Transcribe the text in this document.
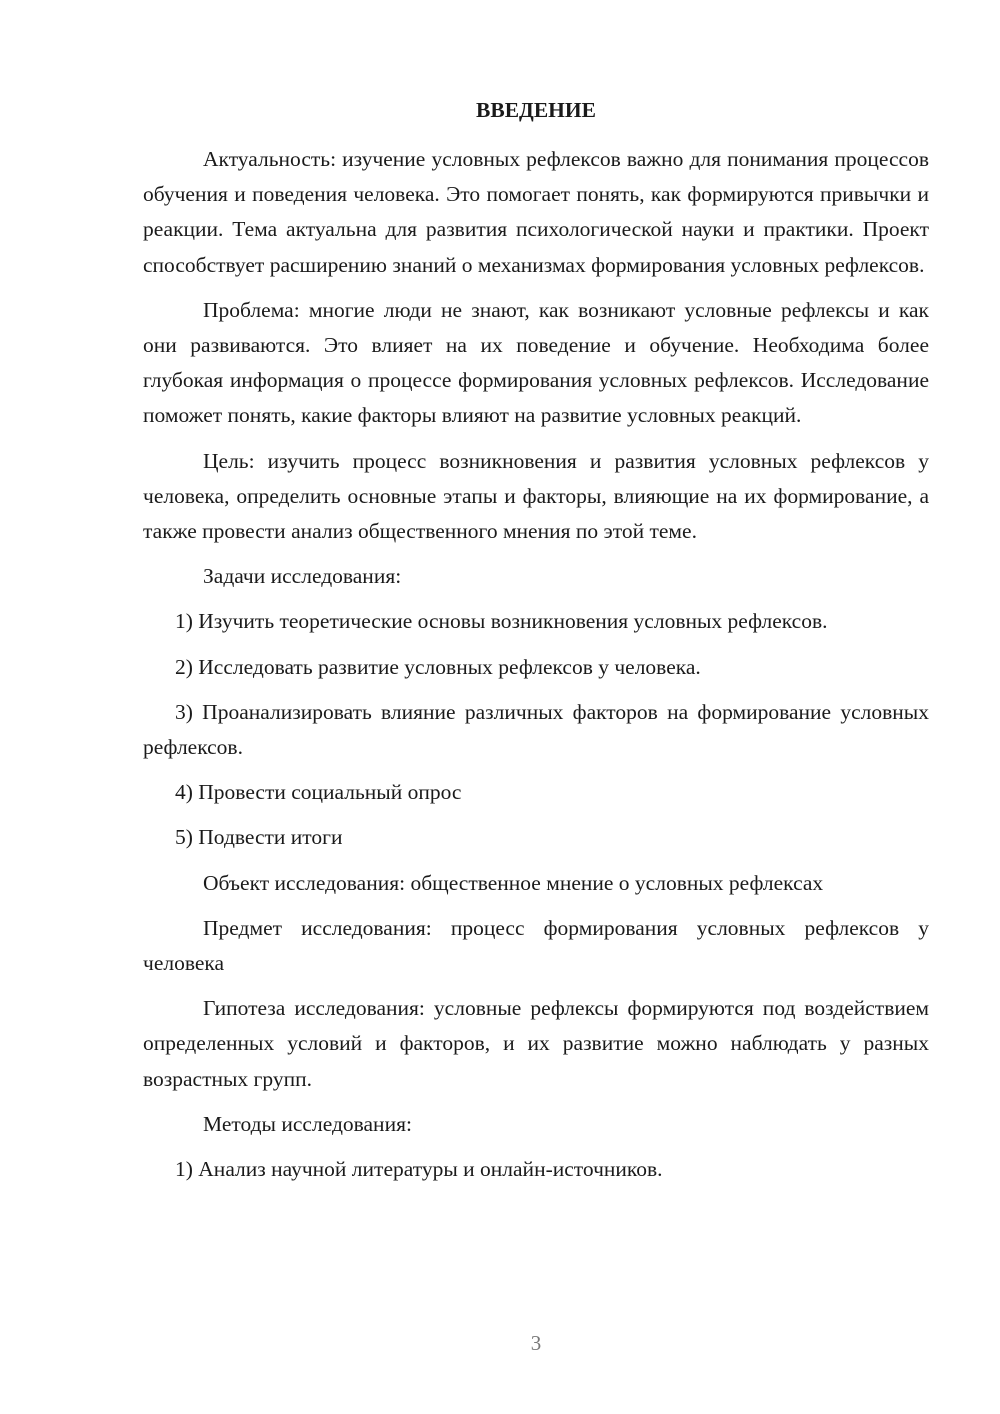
ВВЕДЕНИЕ

Актуальность: изучение условных рефлексов важно для понимания процессов обучения и поведения человека. Это помогает понять, как формируются привычки и реакции. Тема актуальна для развития психологической науки и практики. Проект способствует расширению знаний о механизмах формирования условных рефлексов.

Проблема: многие люди не знают, как возникают условные рефлексы и как они развиваются. Это влияет на их поведение и обучение. Необходима более глубокая информация о процессе формирования условных рефлексов. Исследование поможет понять, какие факторы влияют на развитие условных реакций.

Цель: изучить процесс возникновения и развития условных рефлексов у человека, определить основные этапы и факторы, влияющие на их формирование, а также провести анализ общественного мнения по этой теме.

Задачи исследования:

1) Изучить теоретические основы возникновения условных рефлексов.

2) Исследовать развитие условных рефлексов у человека.

3) Проанализировать влияние различных факторов на формирование условных рефлексов.

4) Провести социальный опрос

5) Подвести итоги

Объект исследования: общественное мнение о условных рефлексах

Предмет исследования: процесс формирования условных рефлексов у человека

Гипотеза исследования: условные рефлексы формируются под воздействием определенных условий и факторов, и их развитие можно наблюдать у разных возрастных групп.

Методы исследования:

1) Анализ научной литературы и онлайн-источников.

3
